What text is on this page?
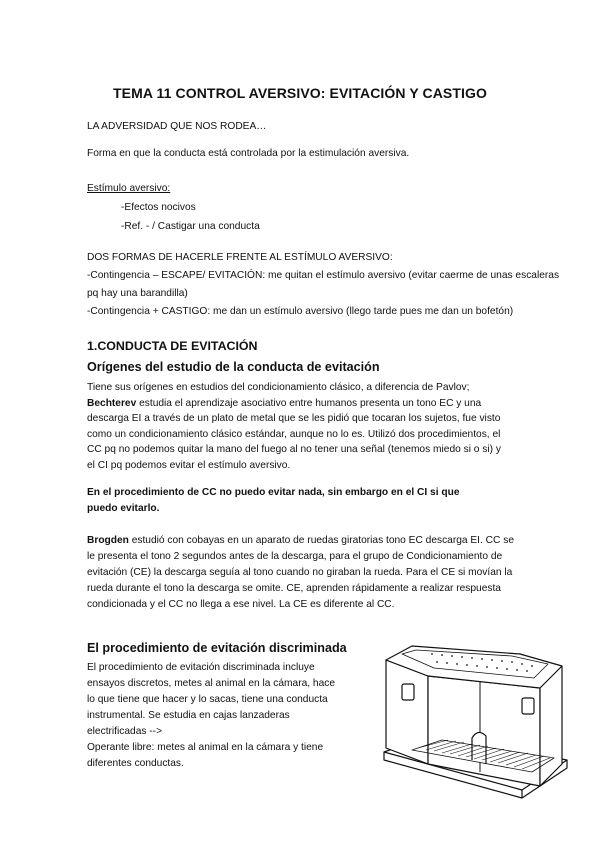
TEMA 11 CONTROL AVERSIVO: EVITACIÓN Y CASTIGO
LA ADVERSIDAD QUE NOS RODEA…
Forma en que la conducta está controlada por la estimulación aversiva.
Estímulo aversivo:
-Efectos nocivos
-Ref. - / Castigar una conducta
DOS FORMAS DE HACERLE FRENTE AL ESTÍMULO AVERSIVO:
-Contingencia – ESCAPE/ EVITACIÓN: me quitan el estímulo aversivo (evitar caerme de unas escaleras
pq hay una barandilla)
-Contingencia + CASTIGO: me dan un estímulo aversivo (llego tarde pues me dan un bofetón)
1.CONDUCTA DE EVITACIÓN
Orígenes del estudio de la conducta de evitación

Tiene sus orígenes en estudios del condicionamiento clásico, a diferencia de Pavlov;

Bechterev estudia el aprendizaje asociativo entre humanos presenta un tono EC y una

descarga EI a través de un plato de metal que se les pidió que tocaran los sujetos, fue visto

como un condicionamiento clásico estándar, aunque no lo es. Utilizó dos procedimientos, el

CC pq no podemos quitar la mano del fuego al no tener una señal (tenemos miedo si o si) y

el CI pq podemos evitar el estímulo aversivo.

En el procedimiento de CC no puedo evitar nada, sin embargo en el CI si que

puedo evitarlo.

Brogden estudió con cobayas en un aparato de ruedas giratorias tono EC descarga EI. CC se

le presenta el tono 2 segundos antes de la descarga, para el grupo de Condicionamiento de

evitación (CE) la descarga seguía al tono cuando no giraban la rueda. Para el CE si movían la

rueda durante el tono la descarga se omite. CE, aprenden rápidamente a realizar respuesta

condicionada y el CC no llega a ese nivel. La CE es diferente al CC.

El procedimiento de evitación discriminada

El procedimiento de evitación discriminada incluye

ensayos discretos, metes al animal en la cámara, hace

lo que tiene que hacer y lo sacas, tiene una conducta

instrumental. Se estudia en cajas lanzaderas

electrificadas -->

Operante libre: metes al animal en la cámara y tiene

diferentes conductas.
